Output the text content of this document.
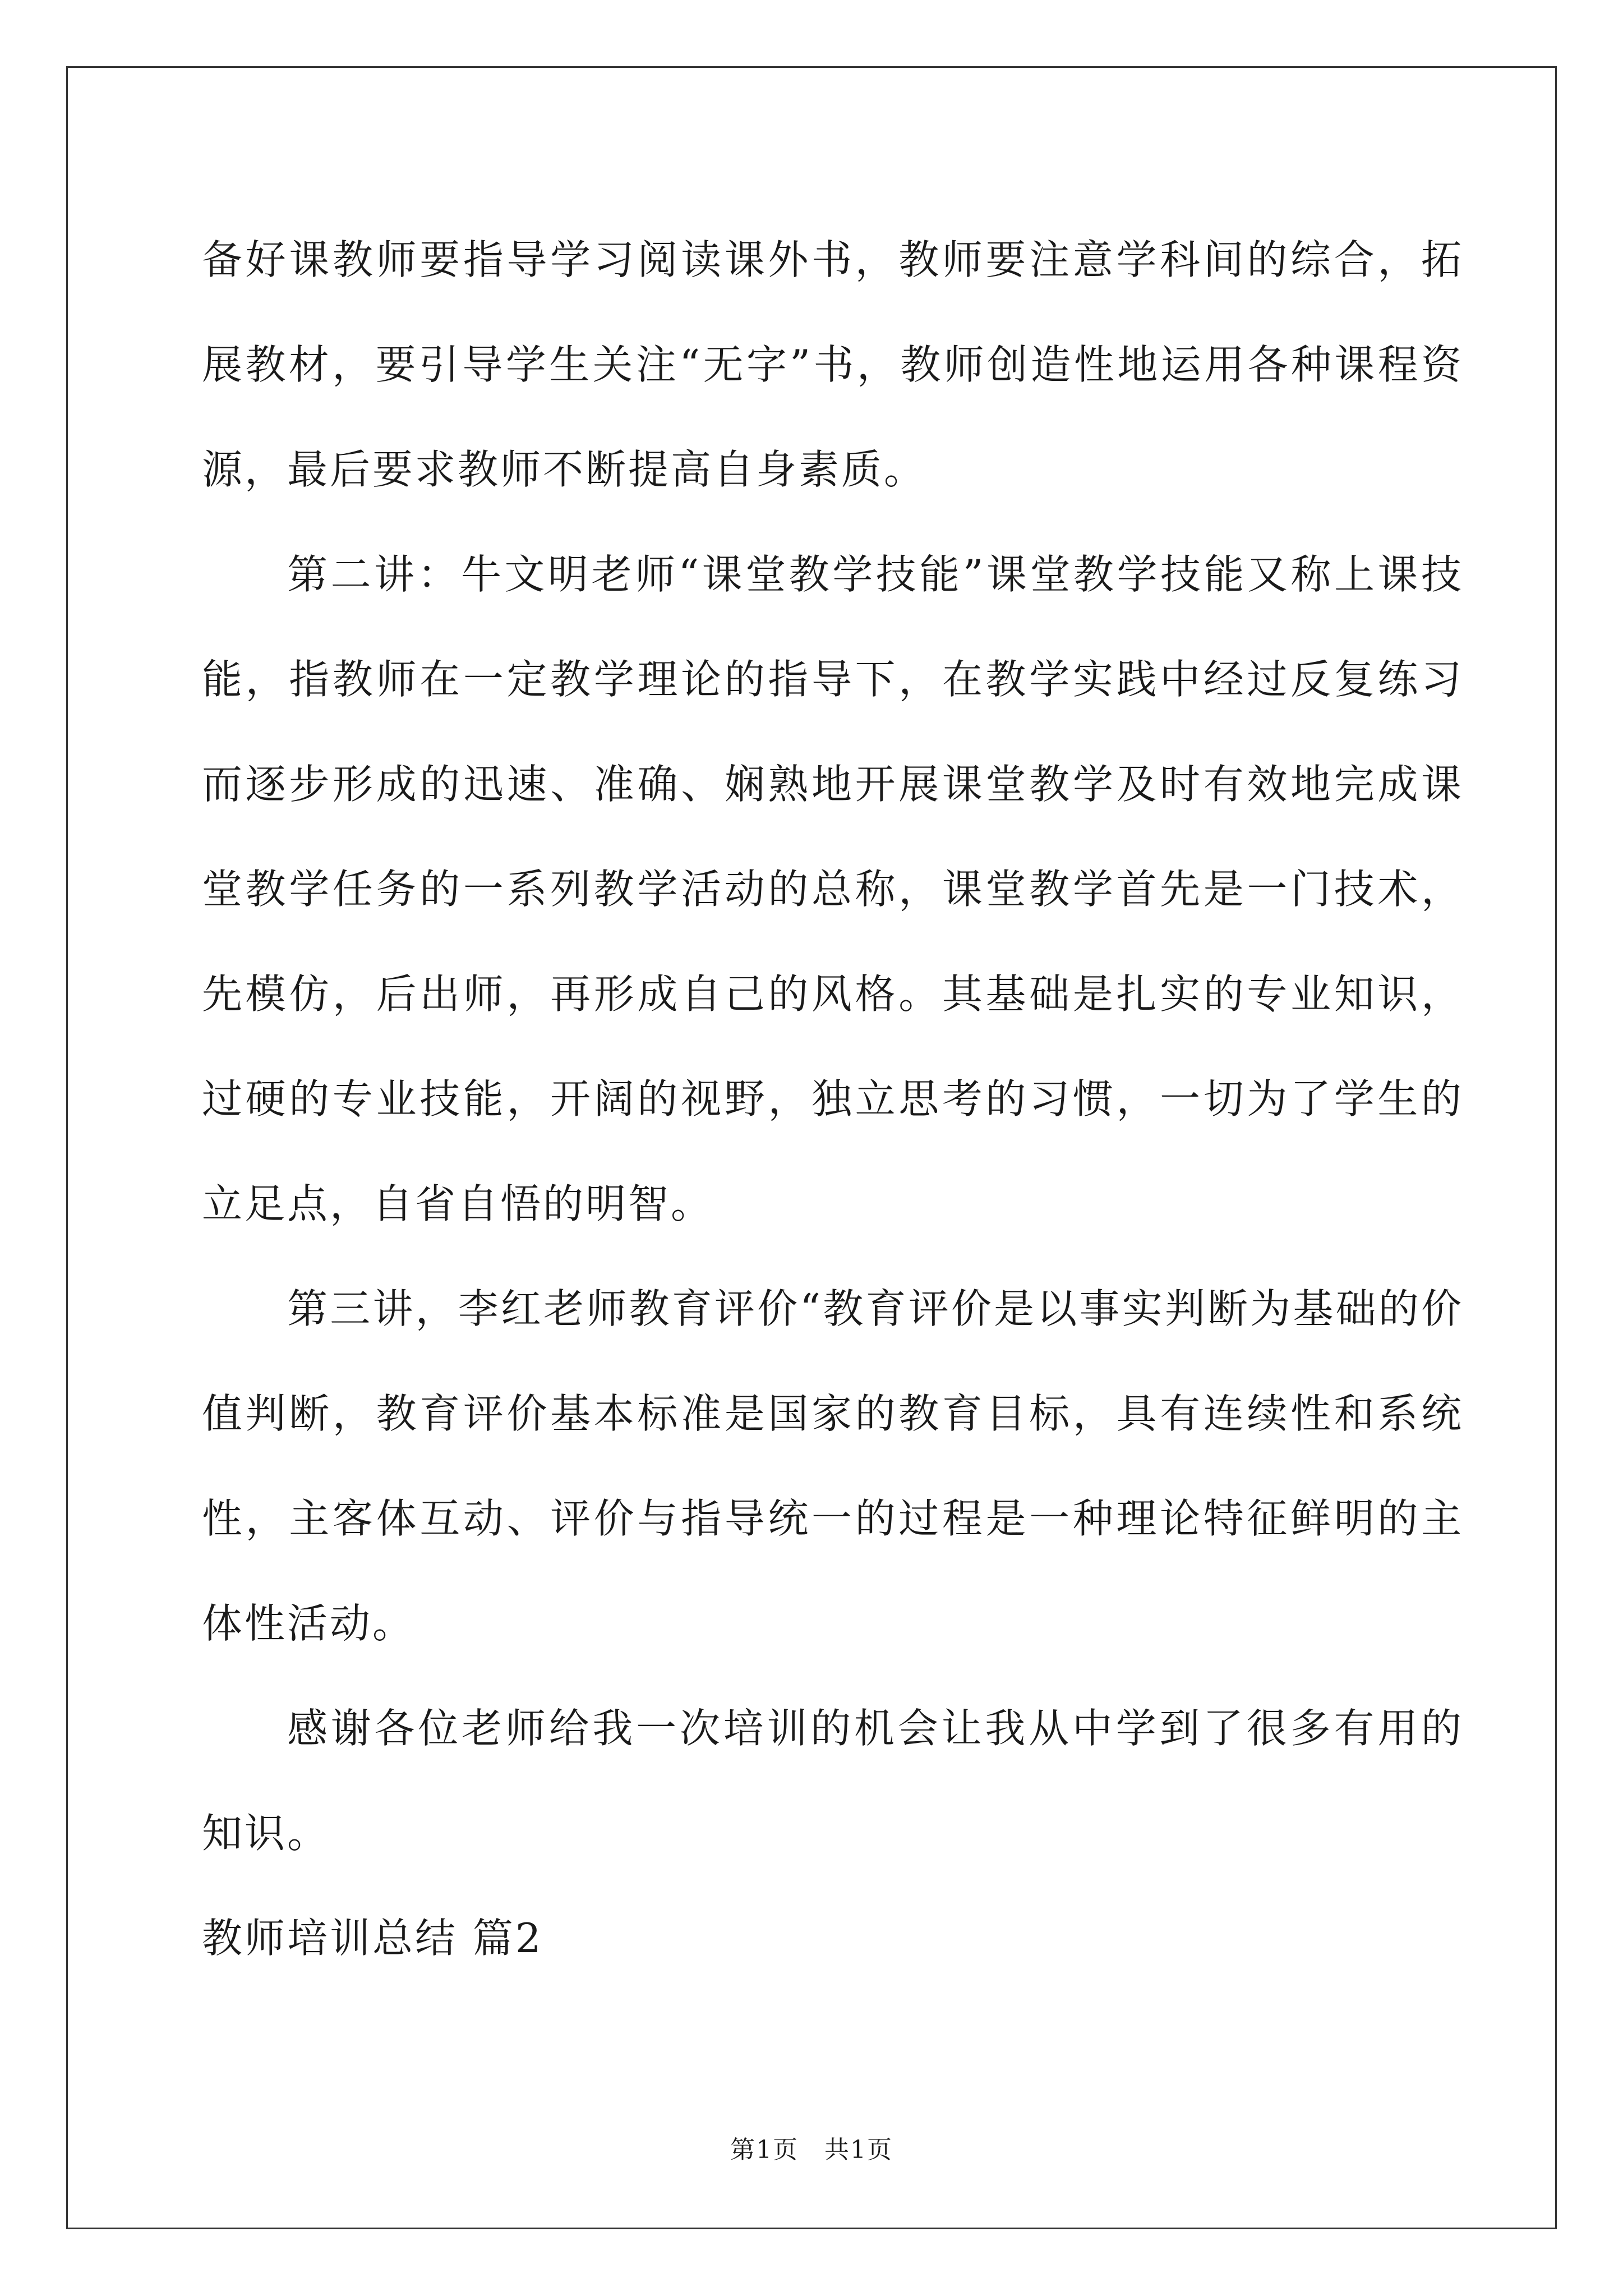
备好课教师要指导学习阅读课外书，教师要注意学科间的综合，拓展教材，要引导学生关注“无字”书，教师创造性地运用各种课程资源，最后要求教师不断提高自身素质。

第二讲：牛文明老师“课堂教学技能”课堂教学技能又称上课技能，指教师在一定教学理论的指导下，在教学实践中经过反复练习而逐步形成的迅速、准确、娴熟地开展课堂教学及时有效地完成课堂教学任务的一系列教学活动的总称，课堂教学首先是一门技术，先模仿，后出师，再形成自己的风格。其基础是扎实的专业知识，过硬的专业技能，开阔的视野，独立思考的习惯，一切为了学生的立足点，自省自悟的明智。

第三讲，李红老师教育评价“教育评价是以事实判断为基础的价值判断，教育评价基本标准是国家的教育目标，具有连续性和系统性，主客体互动、评价与指导统一的过程是一种理论特征鲜明的主体性活动。

感谢各位老师给我一次培训的机会让我从中学到了很多有用的知识。

教师培训总结 篇2

第1页　共1页
